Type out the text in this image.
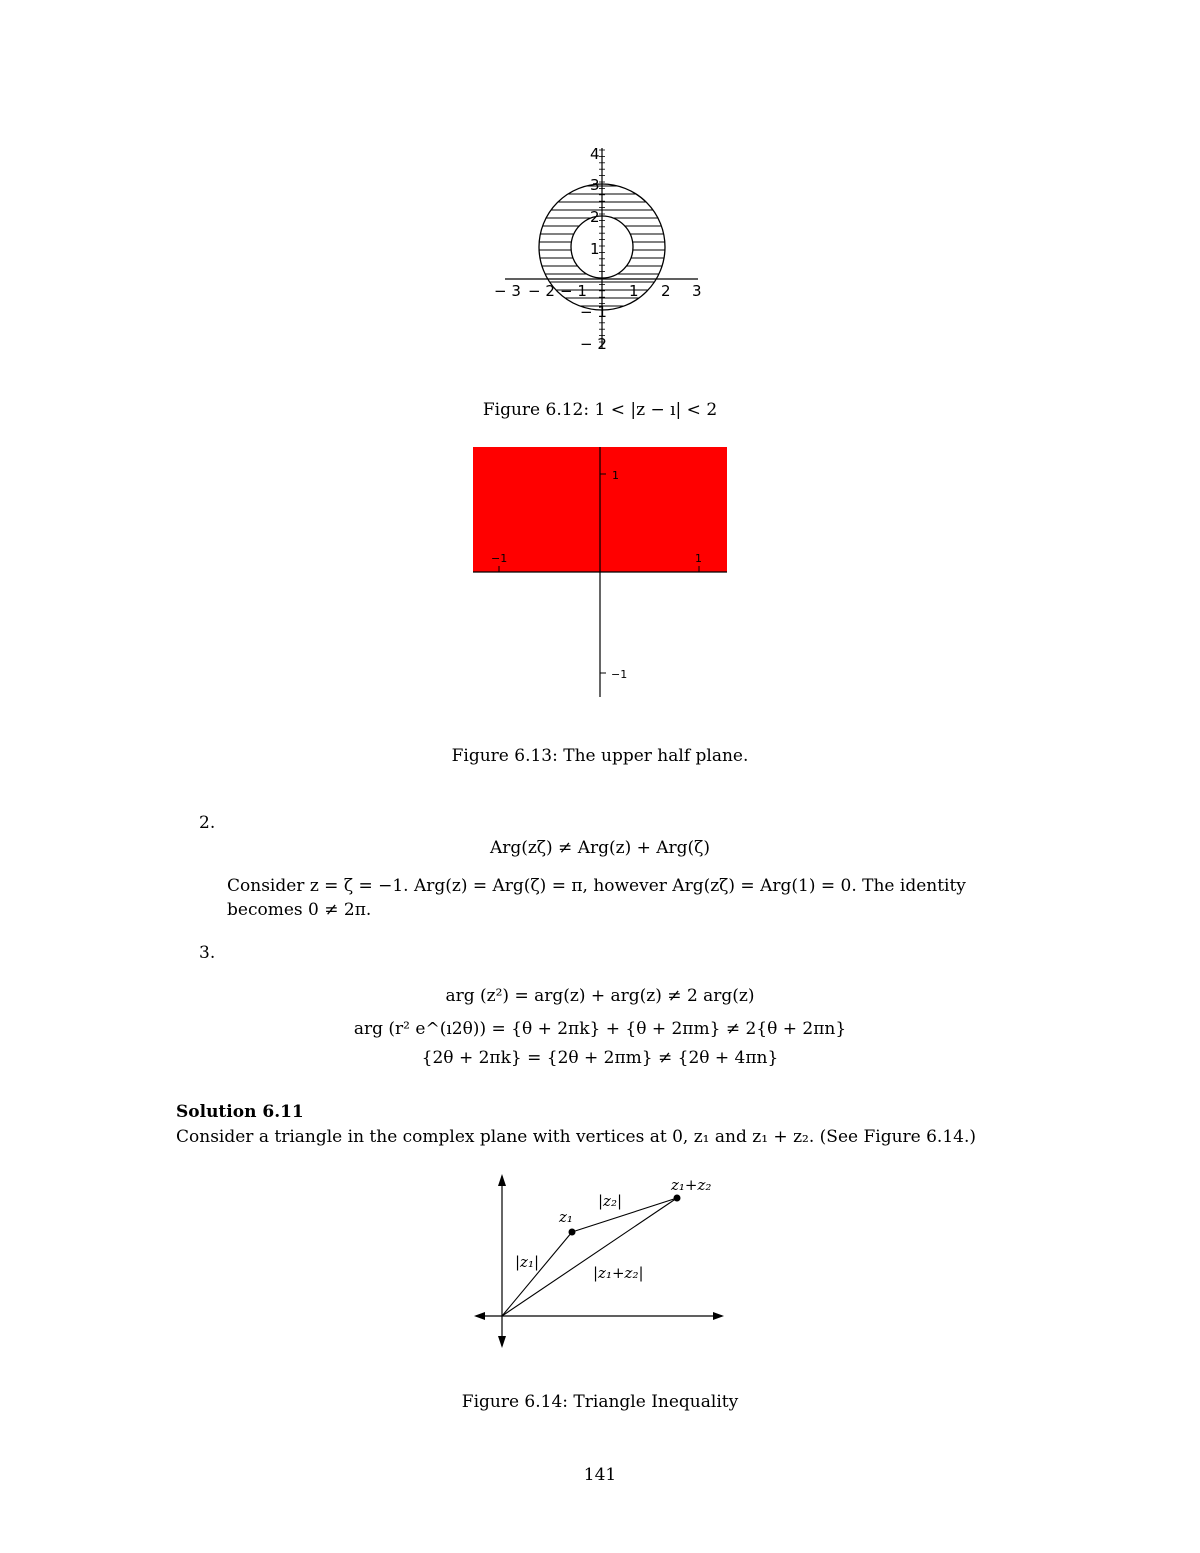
− 3 − 2 − 1	1 2 3
4
3
2
1
− 1
− 2
Figure 6.12: 1 < |z − ı| < 2
1
−1	1
−1
Figure 6.13: The upper half plane.
2.
Arg(zζ) ≠ Arg(z) + Arg(ζ)
Consider z = ζ = −1. Arg(z) = Arg(ζ) = π, however Arg(zζ) = Arg(1) = 0. The identity
becomes 0 ≠ 2π.
3.
arg (z²) = arg(z) + arg(z) ≠ 2 arg(z)
arg (r² e^(ı2θ)) = {θ + 2πk} + {θ + 2πm} ≠ 2{θ + 2πn}
{2θ + 2πk} = {2θ + 2πm} ≠ {2θ + 4πn}
Solution 6.11
Consider a triangle in the complex plane with vertices at 0, z₁ and z₁ + z₂. (See Figure 6.14.)
z₁
z₁+z₂
|z₁|
|z₂|
|z₁+z₂|
Figure 6.14: Triangle Inequality
141
